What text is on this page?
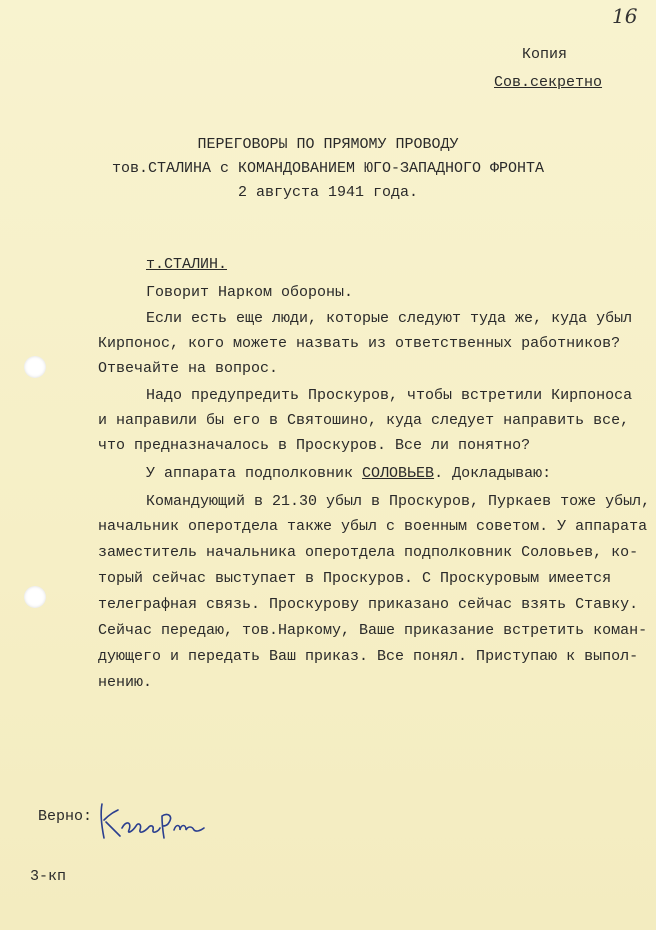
16
Копия
Сов.секретно
ПЕРЕГОВОРЫ ПО ПРЯМОМУ ПРОВОДУ
тов.СТАЛИНА с КОМАНДОВАНИЕМ ЮГО-ЗАПАДНОГО ФРОНТА
2 августа 1941 года.
т.СТАЛИН.
Говорит Нарком обороны.
Если есть еще люди, которые следуют туда же, куда убыл
Кирпонос, кого можете назвать из ответственных работников?
Отвечайте на вопрос.
Надо предупредить Проскуров, чтобы встретили Кирпоноса
и направили бы его в Святошино, куда следует направить все,
что предназначалось в Проскуров. Все ли понятно?
У аппарата подполковник СОЛОВЬЕВ. Докладываю:
Командующий в 21.30 убыл в Проскуров, Пуркаев тоже убыл,
начальник оперотдела также убыл с военным советом. У аппарата
заместитель начальника оперотдела подполковник Соловьев, ко-
торый сейчас выступает в Проскуров. С Проскуровым имеется
телеграфная связь. Проскурову приказано сейчас взять Ставку.
Сейчас передаю, тов.Наркому, Ваше приказание встретить коман-
дующего и передать Ваш приказ. Все понял. Приступаю к выпол-
нению.
Верно:
3-кп
